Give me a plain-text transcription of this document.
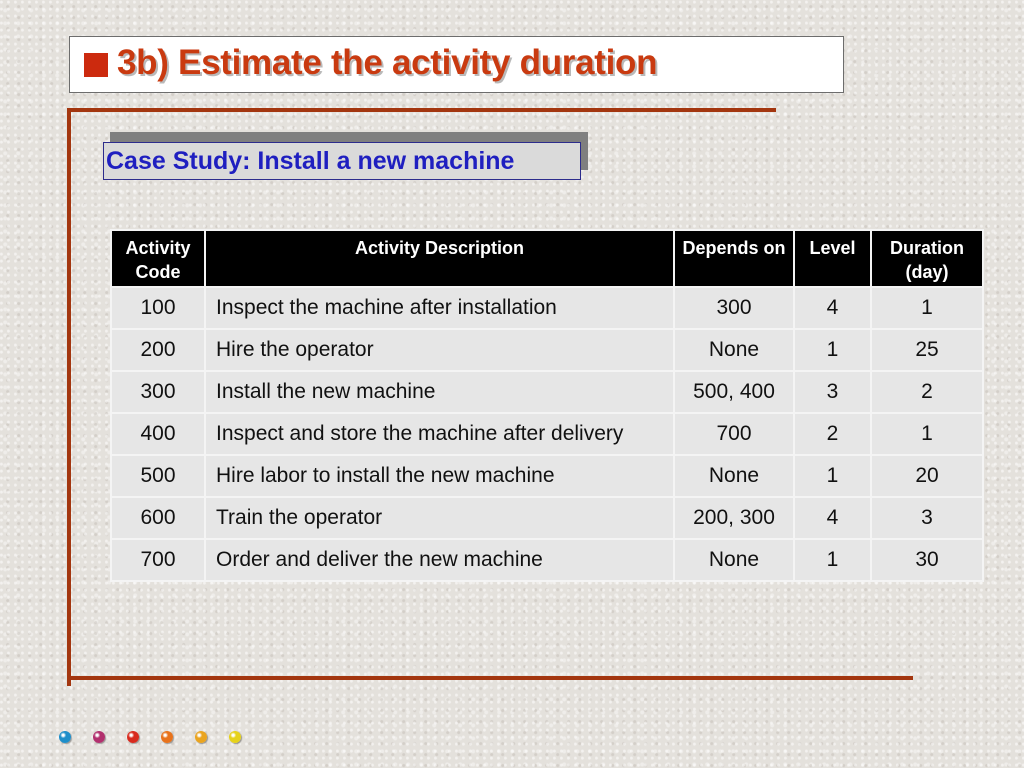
3b) Estimate the activity duration
Case Study: Install a new machine
Activity Code	Activity Description	Depends on	Level	Duration (day)
100	Inspect the machine after installation	300	4	1
200	Hire the operator	None	1	25
300	Install the new machine	500, 400	3	2
400	Inspect and store the machine after delivery	700	2	1
500	Hire labor to install the new machine	None	1	20
600	Train the operator	200, 300	4	3
700	Order and deliver the new machine	None	1	30
